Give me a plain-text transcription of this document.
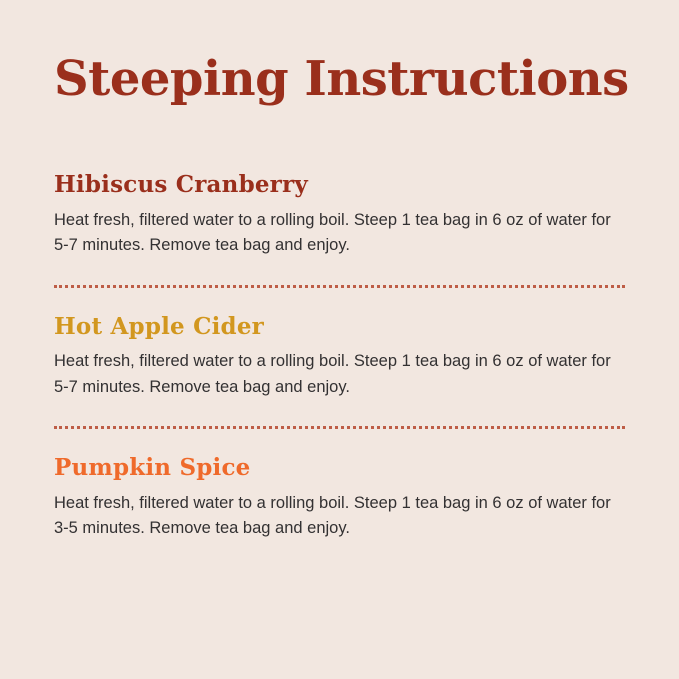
Steeping Instructions
Hibiscus Cranberry

Heat fresh, filtered water to a rolling boil. Steep 1 tea bag in 6 oz of water for 5-7 minutes. Remove tea bag and enjoy.

Hot Apple Cider

Heat fresh, filtered water to a rolling boil. Steep 1 tea bag in 6 oz of water for 5-7 minutes. Remove tea bag and enjoy.

Pumpkin Spice

Heat fresh, filtered water to a rolling boil. Steep 1 tea bag in 6 oz of water for 3-5 minutes. Remove tea bag and enjoy.
